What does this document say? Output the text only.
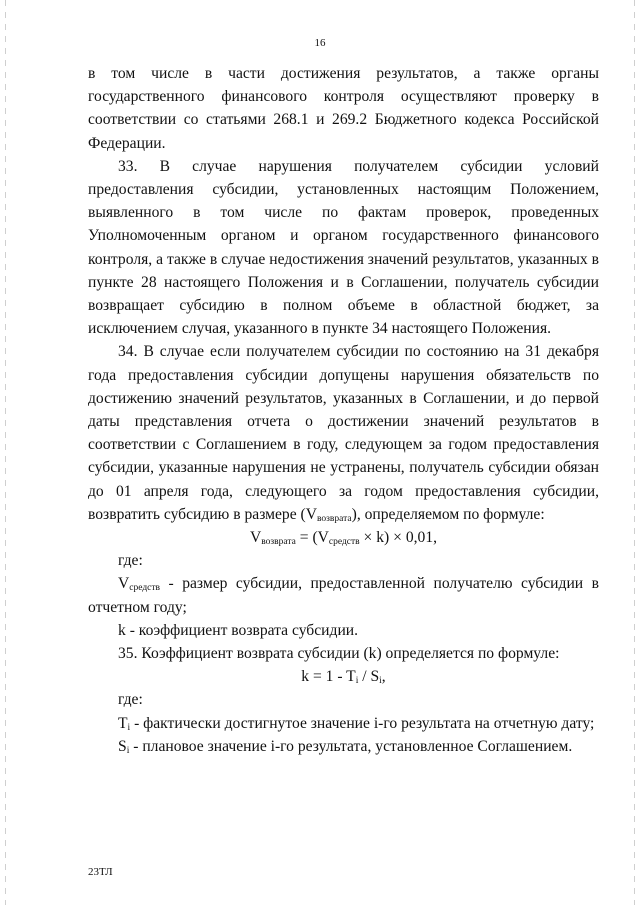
16

в том числе в части достижения результатов, а также органы государственного финансового контроля осуществляют проверку в соответствии со статьями 268.1 и 269.2 Бюджетного кодекса Российской Федерации.

33. В случае нарушения получателем субсидии условий предоставления субсидии, установленных настоящим Положением, выявленного в том числе по фактам проверок, проведенных Уполномоченным органом и органом государственного финансового контроля, а также в случае недостижения значений результатов, указанных в пункте 28 настоящего Положения и в Соглашении, получатель субсидии возвращает субсидию в полном объеме в областной бюджет, за исключением случая, указанного в пункте 34 настоящего Положения.

34. В случае если получателем субсидии по состоянию на 31 декабря года предоставления субсидии допущены нарушения обязательств по достижению значений результатов, указанных в Соглашении, и до первой даты представления отчета о достижении значений результатов в соответствии с Соглашением в году, следующем за годом предоставления субсидии, указанные нарушения не устранены, получатель субсидии обязан до 01 апреля года, следующего за годом предоставления субсидии, возвратить субсидию в размере $(V_{возврата})$, определяемом по формуле:

$V_{возврата} = (V_{средств} \times k) \times 0,01$,

где:

$V_{средств}$ - размер субсидии, предоставленной получателю субсидии в отчетном году;

k - коэффициент возврата субсидии.

35. Коэффициент возврата субсидии (k) определяется по формуле:

$k = 1 - T_i / S_i$,

где:

$T_i$ - фактически достигнутое значение i-го результата на отчетную дату;

$S_i$ - плановое значение i-го результата, установленное Соглашением.

23ТЛ
